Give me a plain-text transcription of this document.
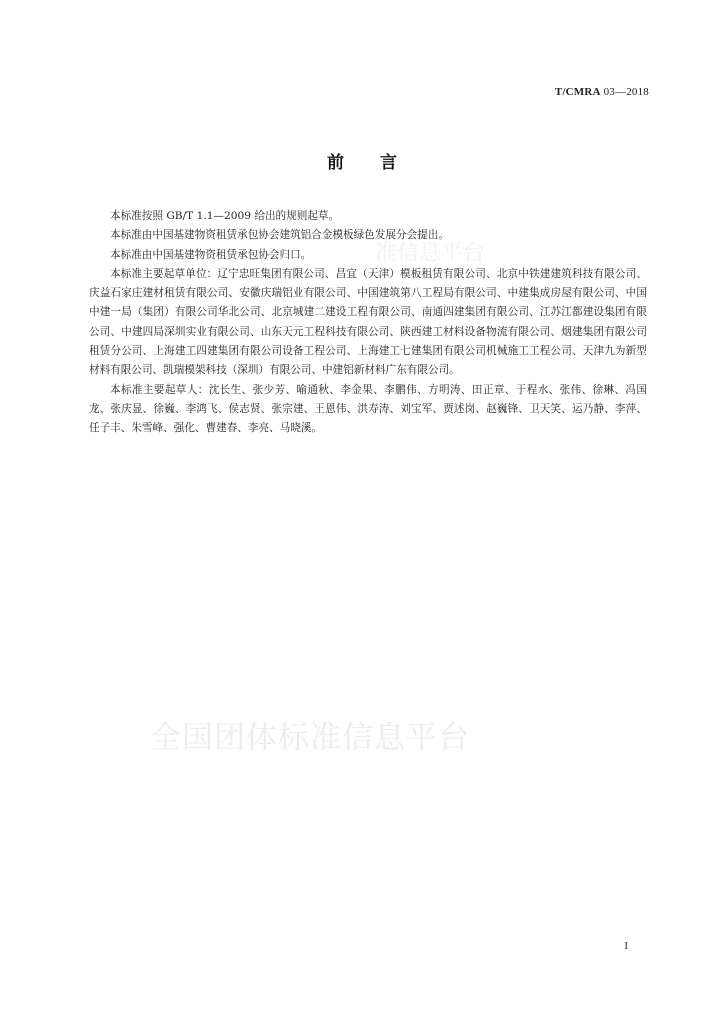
T/CMRA 03—2018
前言
准信息平台

本标准按照 GB/T 1.1—2009 给出的规则起草。

本标准由中国基建物资租赁承包协会建筑铝合金模板绿色发展分会提出。

本标准由中国基建物资租赁承包协会归口。

本标准主要起草单位：辽宁忠旺集团有限公司、昌宜（天津）模板租赁有限公司、北京中铁建建筑科技有限公司、庆益石家庄建材租赁有限公司、安徽庆瑞铝业有限公司、中国建筑第八工程局有限公司、中建集成房屋有限公司、中国中建一局（集团）有限公司华北公司、北京城建二建设工程有限公司、南通四建集团有限公司、江苏江都建设集团有限公司、中建四局深圳实业有限公司、山东天元工程科技有限公司、陕西建工材料设备物流有限公司、烟建集团有限公司租赁分公司、上海建工四建集团有限公司设备工程公司、上海建工七建集团有限公司机械施工工程公司、天津九为新型材料有限公司、凯瑞模架科技（深圳）有限公司、中建铝新材料广东有限公司。

本标准主要起草人：沈长生、张少芳、喻通秋、李金果、李鹏伟、方明涛、田正章、于程水、张伟、徐琳、冯国龙、张庆显、徐巍、李鸿飞、侯志贤、张宗建、王恩伟、洪寿涛、刘宝军、贾述岗、赵巍锋、卫天笑、运乃静、李萍、任子丰、朱雪峰、强化、曹建春、李亮、马晓溪。

全国团体标准信息平台
I
